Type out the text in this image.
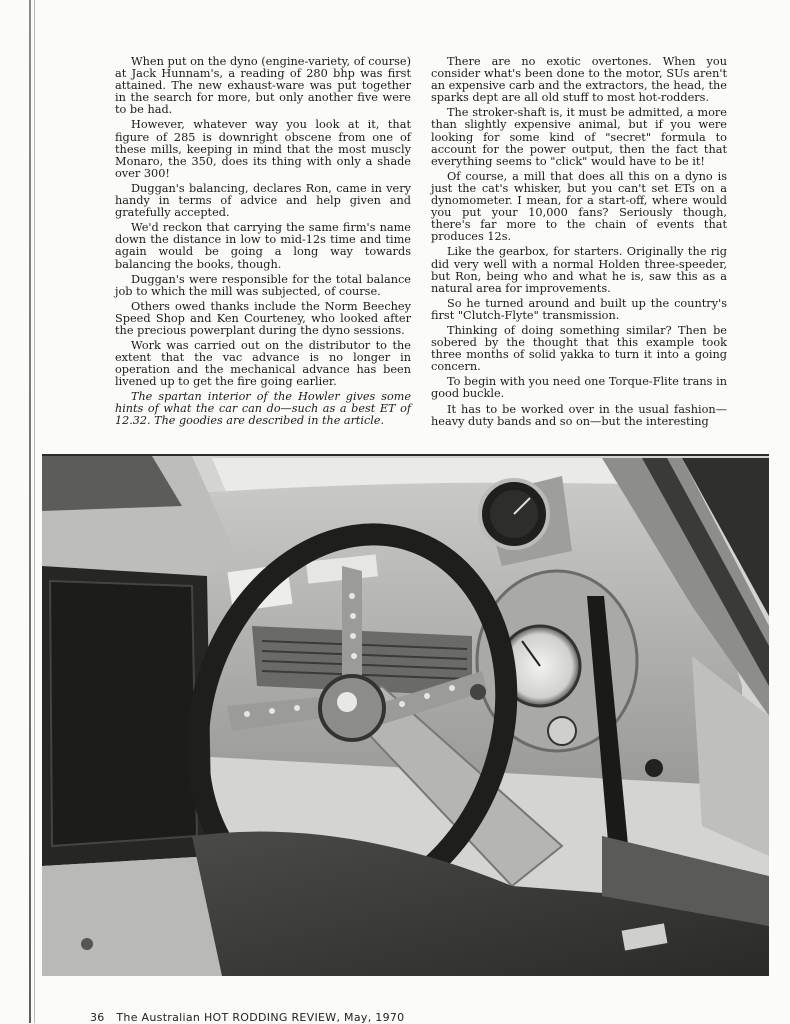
When put on the dyno (engine-variety, of course) at Jack Hunnam's, a reading of 280 bhp was first attained. The new exhaust-ware was put together in the search for more, but only another five were to be had.

However, whatever way you look at it, that figure of 285 is downright obscene from one of these mills, keeping in mind that the most muscly Monaro, the 350, does its thing with only a shade over 300!

Duggan's balancing, declares Ron, came in very handy in terms of advice and help given and gratefully accepted.

We'd reckon that carrying the same firm's name down the distance in low to mid-12s time and time again would be going a long way towards balancing the books, though.

Duggan's were responsible for the total balance job to which the mill was subjected, of course.

Others owed thanks include the Norm Beechey Speed Shop and Ken Courteney, who looked after the precious powerplant during the dyno sessions.

Work was carried out on the distributor to the extent that the vac advance is no longer in operation and the mechanical advance has been livened up to get the fire going earlier.

The spartan interior of the Howler gives some hints of what the car can do—such as a best ET of 12.32. The goodies are described in the article.

There are no exotic overtones. When you consider what's been done to the motor, SUs aren't an expensive carb and the extractors, the head, the sparks dept are all old stuff to most hot-rodders.

The stroker-shaft is, it must be admitted, a more than slightly expensive animal, but if you were looking for some kind of "secret" formula to account for the power output, then the fact that everything seems to "click" would have to be it!

Of course, a mill that does all this on a dyno is just the cat's whisker, but you can't set ETs on a dynomometer. I mean, for a start-off, where would you put your 10,000 fans? Seriously though, there's far more to the chain of events that produces 12s.

Like the gearbox, for starters. Originally the rig did very well with a normal Holden three-speeder, but Ron, being who and what he is, saw this as a natural area for improvements.

So he turned around and built up the country's first "Clutch-Flyte" transmission.

Thinking of doing something similar? Then be sobered by the thought that this example took three months of solid yakka to turn it into a going concern.

To begin with you need one Torque-Flite trans in good buckle.

It has to be worked over in the usual fashion—heavy duty bands and so on—but the interesting

36 The Australian HOT RODDING REVIEW, May, 1970
